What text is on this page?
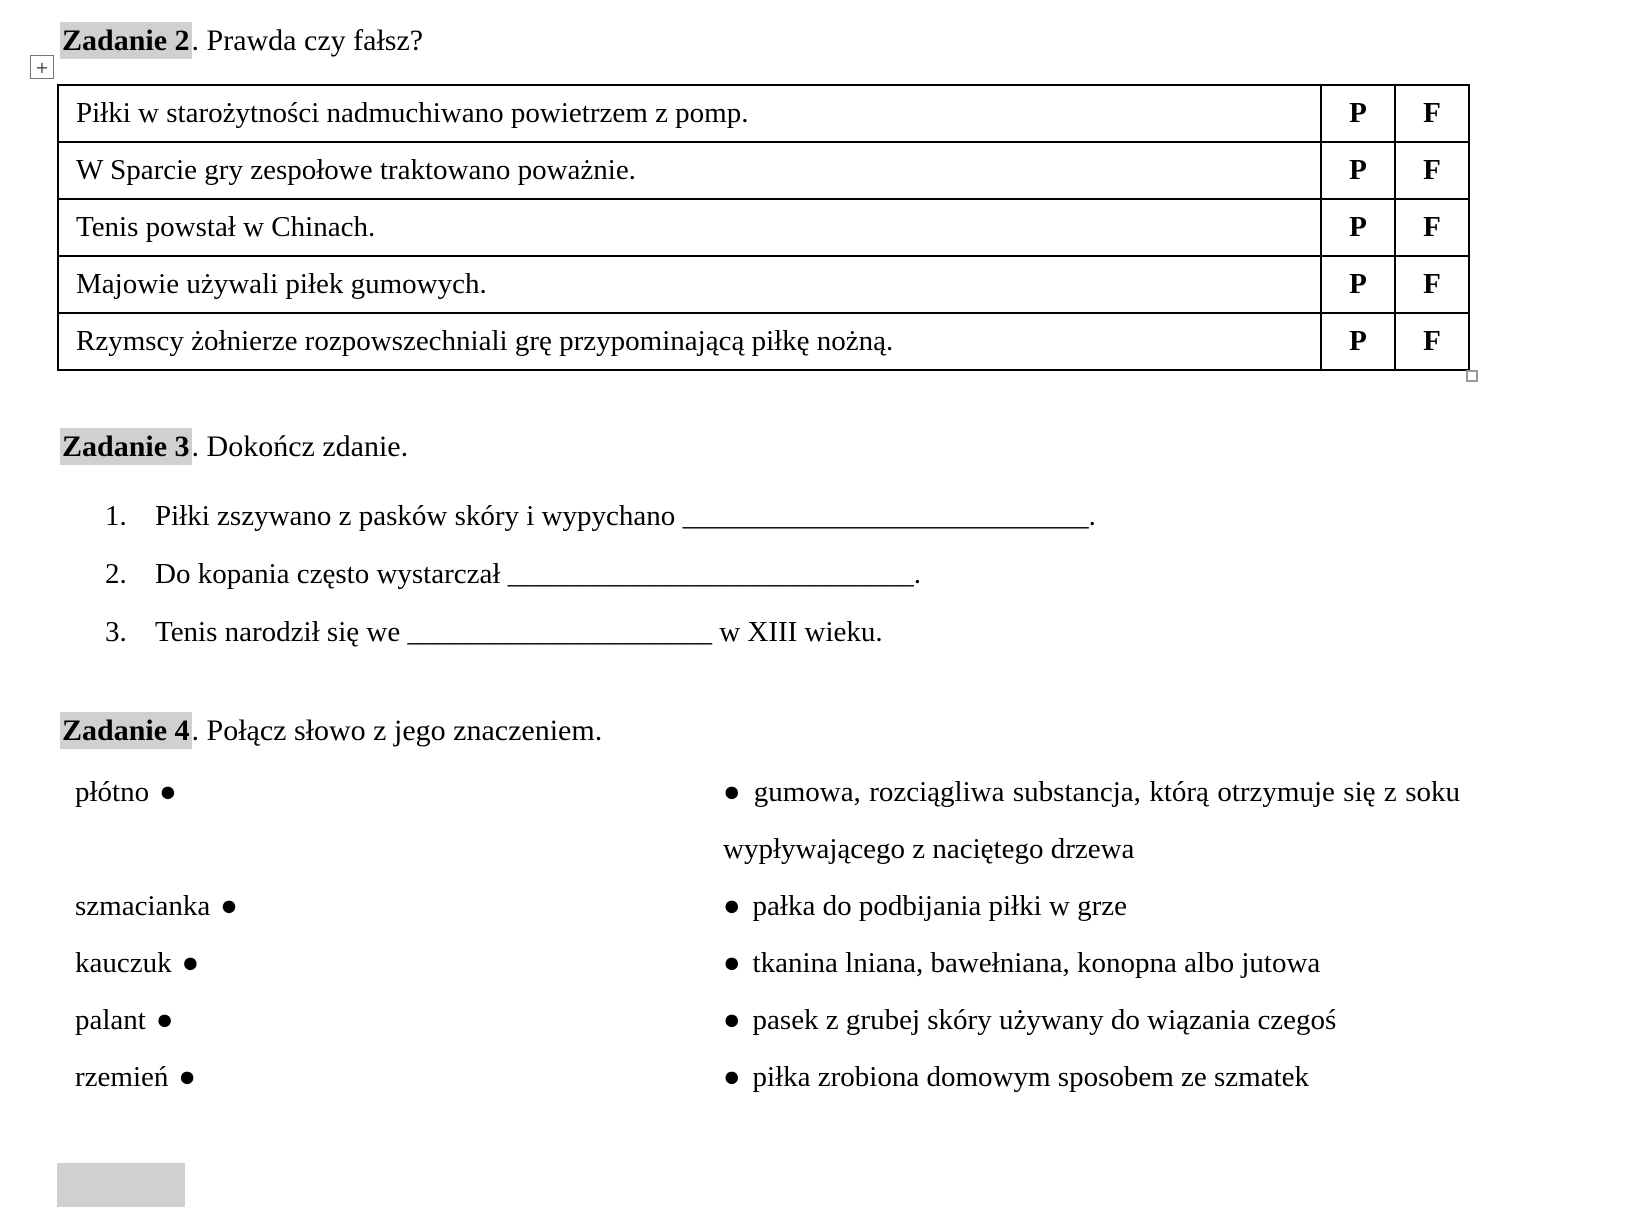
Zadanie 2. Prawda czy fałsz?
+
Piłki w starożytności nadmuchiwano powietrzem z pomp.	P	F
W Sparcie gry zespołowe traktowano poważnie.	P	F
Tenis powstał w Chinach.	P	F
Majowie używali piłek gumowych.	P	F
Rzymscy żołnierze rozpowszechniali grę przypominającą piłkę nożną.	P	F
Zadanie 3. Dokończ zdanie.
1. Piłki zszywano z pasków skóry i wypychano ____________________________ .
2. Do kopania często wystarczał ____________________________ .
3. Tenis narodził się we _____________________ w XIII wieku.
Zadanie 4. Połącz słowo z jego znaczeniem.
płótno ●	● gumowa, rozciągliwa substancja, którą otrzymuje się z soku wypływającego z naciętego drzewa
szmacianka ●	● pałka do podbijania piłki w grze
kauczuk ●	● tkanina lniana, bawełniana, konopna albo jutowa
palant ●	● pasek z grubej skóry używany do wiązania czegoś
rzemień ●	● piłka zrobiona domowym sposobem ze szmatek
